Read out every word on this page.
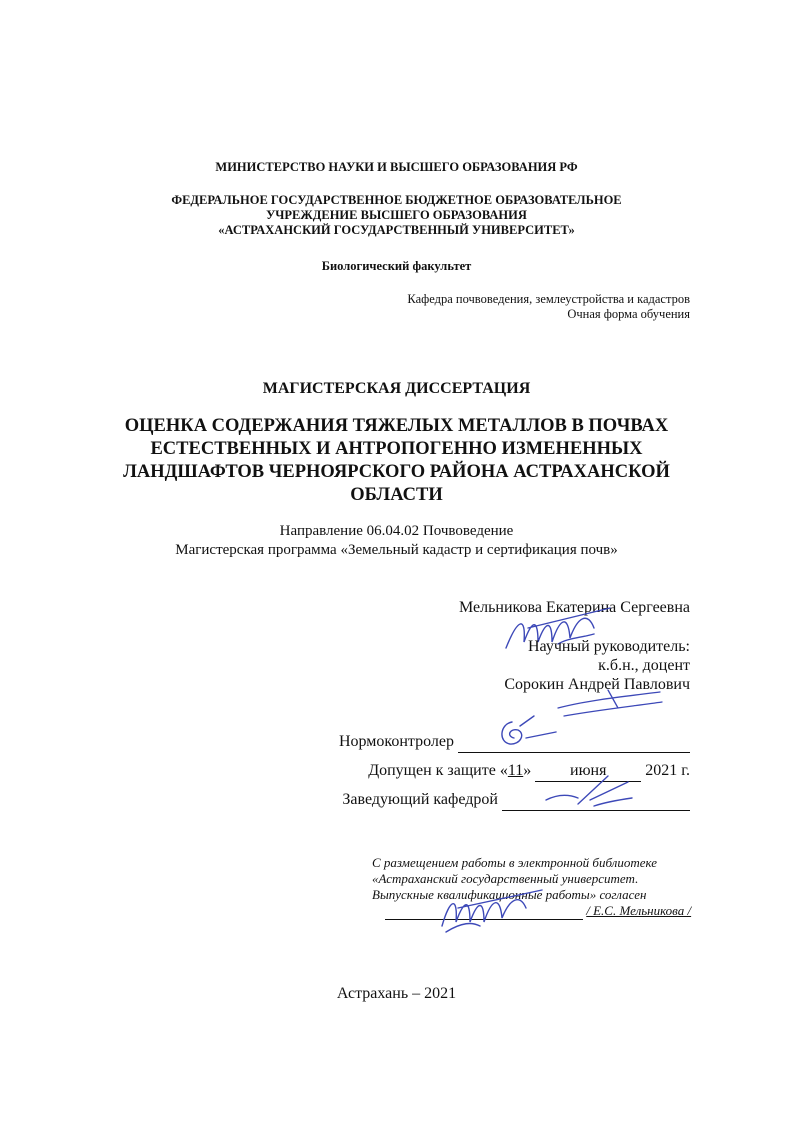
МИНИСТЕРСТВО НАУКИ И ВЫСШЕГО ОБРАЗОВАНИЯ РФ
ФЕДЕРАЛЬНОЕ ГОСУДАРСТВЕННОЕ БЮДЖЕТНОЕ ОБРАЗОВАТЕЛЬНОЕ
УЧРЕЖДЕНИЕ ВЫСШЕГО ОБРАЗОВАНИЯ
«АСТРАХАНСКИЙ ГОСУДАРСТВЕННЫЙ УНИВЕРСИТЕТ»
Биологический факультет
Кафедра почвоведения, землеустройства и кадастров
Очная форма обучения
МАГИСТЕРСКАЯ ДИССЕРТАЦИЯ
ОЦЕНКА СОДЕРЖАНИЯ ТЯЖЕЛЫХ МЕТАЛЛОВ В ПОЧВАХ
ЕСТЕСТВЕННЫХ И АНТРОПОГЕННО ИЗМЕНЕННЫХ
ЛАНДШАФТОВ ЧЕРНОЯРСКОГО РАЙОНА АСТРАХАНСКОЙ
ОБЛАСТИ
Направление 06.04.02 Почвоведение
Магистерская программа «Земельный кадастр и сертификация почв»
Мельникова Екатерина Сергеевна
Научный руководитель:
к.б.н., доцент
Сорокин Андрей Павлович
Нормоконтролер
Допущен к защите «11» июня 2021 г.
Заведующий кафедрой
С размещением работы в электронной библиотеке
«Астраханский государственный университет.
Выпускные квалификационные работы» согласен
/ Е.С. Мельникова /
Астрахань – 2021
